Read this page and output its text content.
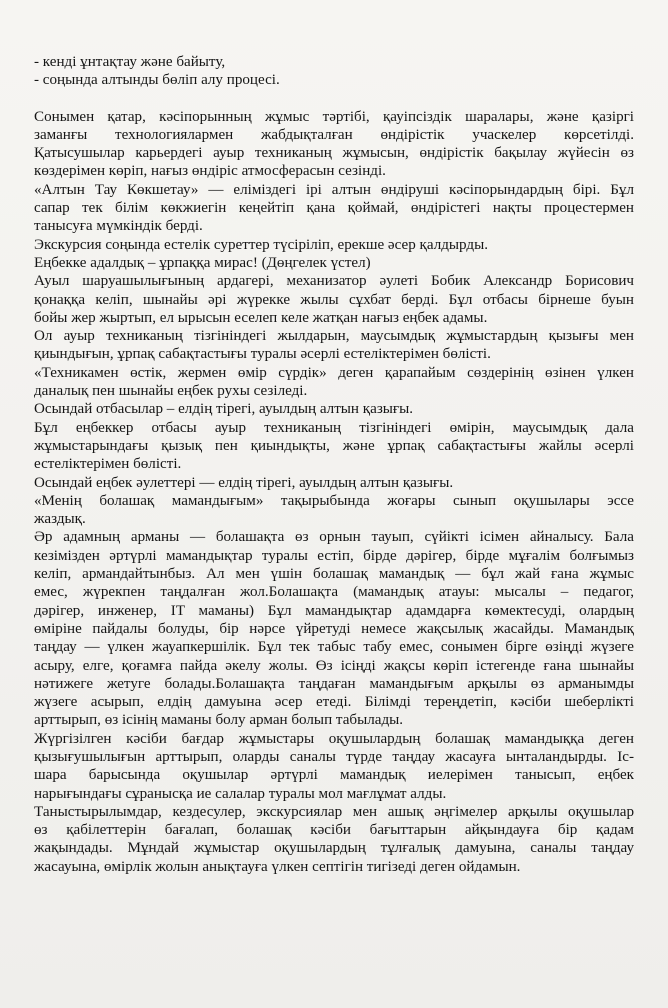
- кенді ұнтақтау және байыту,
- соңында алтынды бөліп алу процесі.
Сонымен қатар, кәсіпорынның жұмыс тәртібі, қауіпсіздік шаралары, және қазіргі
заманғы технологиялармен жабдықталған өндірістік учаскелер көрсетілді.
Қатысушылар карьердегі ауыр техниканың жұмысын, өндірістік бақылау жүйесін өз
көздерімен көріп, нағыз өндіріс атмосферасын сезінді.
«Алтын Тау Көкшетау» — еліміздегі ірі алтын өндіруші кәсіпорындардың бірі. Бұл
сапар тек білім көкжиегін кеңейтіп қана қоймай, өндірістегі нақты процестермен
танысуға мүмкіндік берді.
Экскурсия соңында естелік суреттер түсіріліп, ерекше әсер қалдырды.
Еңбекке адалдық – ұрпаққа мирас! (Дөңгелек үстел)
Ауыл шаруашылығының ардагері, механизатор әулеті Бобик Александр Борисович
қонаққа келіп, шынайы әрі жүрекке жылы сұхбат берді. Бұл отбасы бірнеше буын
бойы жер жыртып, ел ырысын еселеп келе жатқан нағыз еңбек адамы.
Ол ауыр техниканың тізгініндегі жылдарын, маусымдық жұмыстардың қызығы мен
қиындығын, ұрпақ сабақтастығы туралы әсерлі естеліктерімен бөлісті.
«Техникамен өстік, жермен өмір сүрдік» деген қарапайым сөздерінің өзінен үлкен
даналық пен шынайы еңбек рухы сезіледі.
Осындай отбасылар – елдің тірегі, ауылдың алтын қазығы.
Бұл еңбеккер отбасы ауыр техниканың тізгініндегі өмірін, маусымдық дала
жұмыстарындағы қызық пен қиындықты, және ұрпақ сабақтастығы жайлы әсерлі
естеліктерімен бөлісті.
Осындай еңбек әулеттері — елдің тірегі, ауылдың алтын қазығы.
«Менің болашақ мамандығым» тақырыбында жоғары сынып оқушылары эссе
жаздық.
Әр адамның арманы — болашақта өз орнын тауып, сүйікті ісімен айналысу. Бала
кезімізден әртүрлі мамандықтар туралы естіп, бірде дәрігер, бірде мұғалім болғымыз
келіп, армандайтынбыз. Ал мен үшін болашақ мамандық — бұл жай ғана жұмыс
емес, жүрекпен таңдалған жол.Болашақта (мамандық атауы: мысалы – педагог,
дәрігер, инженер, IT маманы) Бұл мамандықтар адамдарға көмектесуді, олардың
өміріне пайдалы болуды, бір нәрсе үйретуді немесе жақсылық жасайды. Мамандық
таңдау — үлкен жауапкершілік. Бұл тек табыс табу емес, сонымен бірге өзіңді жүзеге
асыру, елге, қоғамға пайда әкелу жолы. Өз ісіңді жақсы көріп істегенде ғана шынайы
нәтижеге жетуге болады.Болашақта таңдаған мамандығым арқылы өз арманымды
жүзеге асырып, елдің дамуына әсер етеді. Білімді тереңдетіп, кәсіби шеберлікті
арттырып, өз ісінің маманы болу арман болып табылады.
Жүргізілген кәсіби бағдар жұмыстары оқушылардың болашақ мамандыққа деген
қызығушылығын арттырып, оларды саналы түрде таңдау жасауға ынталандырды. Іс-
шара барысында оқушылар әртүрлі мамандық иелерімен танысып, еңбек
нарығындағы сұранысқа ие салалар туралы мол мағлұмат алды.
Таныстырылымдар, кездесулер, экскурсиялар мен ашық әңгімелер арқылы оқушылар
өз қабілеттерін бағалап, болашақ кәсіби бағыттарын айқындауға бір қадам
жақындады. Мұндай жұмыстар оқушылардың тұлғалық дамуына, саналы таңдау
жасауына, өмірлік жолын анықтауға үлкен септігін тигізеді деген ойдамын.
